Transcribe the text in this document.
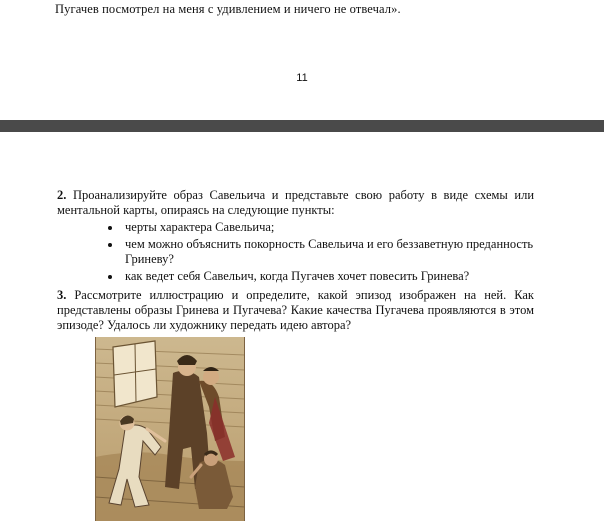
Пугачев посмотрел на меня с удивлением и ничего не отвечал».
11
2. Проанализируйте образ Савельича и представьте свою работу в виде схемы или ментальной карты, опираясь на следующие пункты:
черты характера Савельича;
чем можно объяснить покорность Савельича и его беззаветную преданность Гриневу?
как ведет себя Савельич, когда Пугачев хочет повесить Гринева?
3. Рассмотрите иллюстрацию и определите, какой эпизод изображен на ней. Как представлены образы Гринева и Пугачева? Какие качества Пугачева проявляются в этом эпизоде? Удалось ли художнику передать идею автора?
